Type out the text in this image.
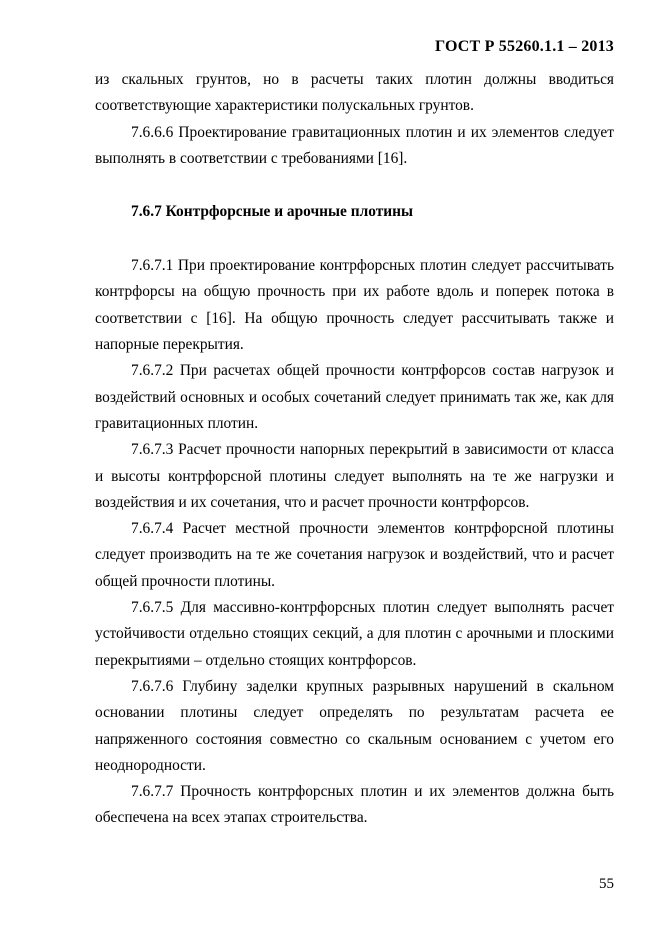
ГОСТ Р 55260.1.1 – 2013

из скальных грунтов, но в расчеты таких плотин должны вводиться соответствующие характеристики полускальных грунтов.

7.6.6.6 Проектирование гравитационных плотин и их элементов следует выполнять в соответствии с требованиями [16].

7.6.7 Контрфорсные и арочные плотины

7.6.7.1 При проектирование контрфорсных плотин следует рассчитывать контрфорсы на общую прочность при их работе вдоль и поперек потока в соответствии с [16]. На общую прочность следует рассчитывать также и напорные перекрытия.

7.6.7.2 При расчетах общей прочности контрфорсов состав нагрузок и воздействий основных и особых сочетаний следует принимать так же, как для гравитационных плотин.

7.6.7.3 Расчет прочности напорных перекрытий в зависимости от класса и высоты контрфорсной плотины следует выполнять на те же нагрузки и воздействия и их сочетания, что и расчет прочности контрфорсов.

7.6.7.4 Расчет местной прочности элементов контрфорсной плотины следует производить на те же сочетания нагрузок и воздействий, что и расчет общей прочности плотины.

7.6.7.5 Для массивно-контрфорсных плотин следует выполнять расчет устойчивости отдельно стоящих секций, а для плотин с арочными и плоскими перекрытиями – отдельно стоящих контрфорсов.

7.6.7.6 Глубину заделки крупных разрывных нарушений в скальном основании плотины следует определять по результатам расчета ее напряженного состояния совместно со скальным основанием с учетом его неоднородности.

7.6.7.7 Прочность контрфорсных плотин и их элементов должна быть обеспечена на всех этапах строительства.

55
